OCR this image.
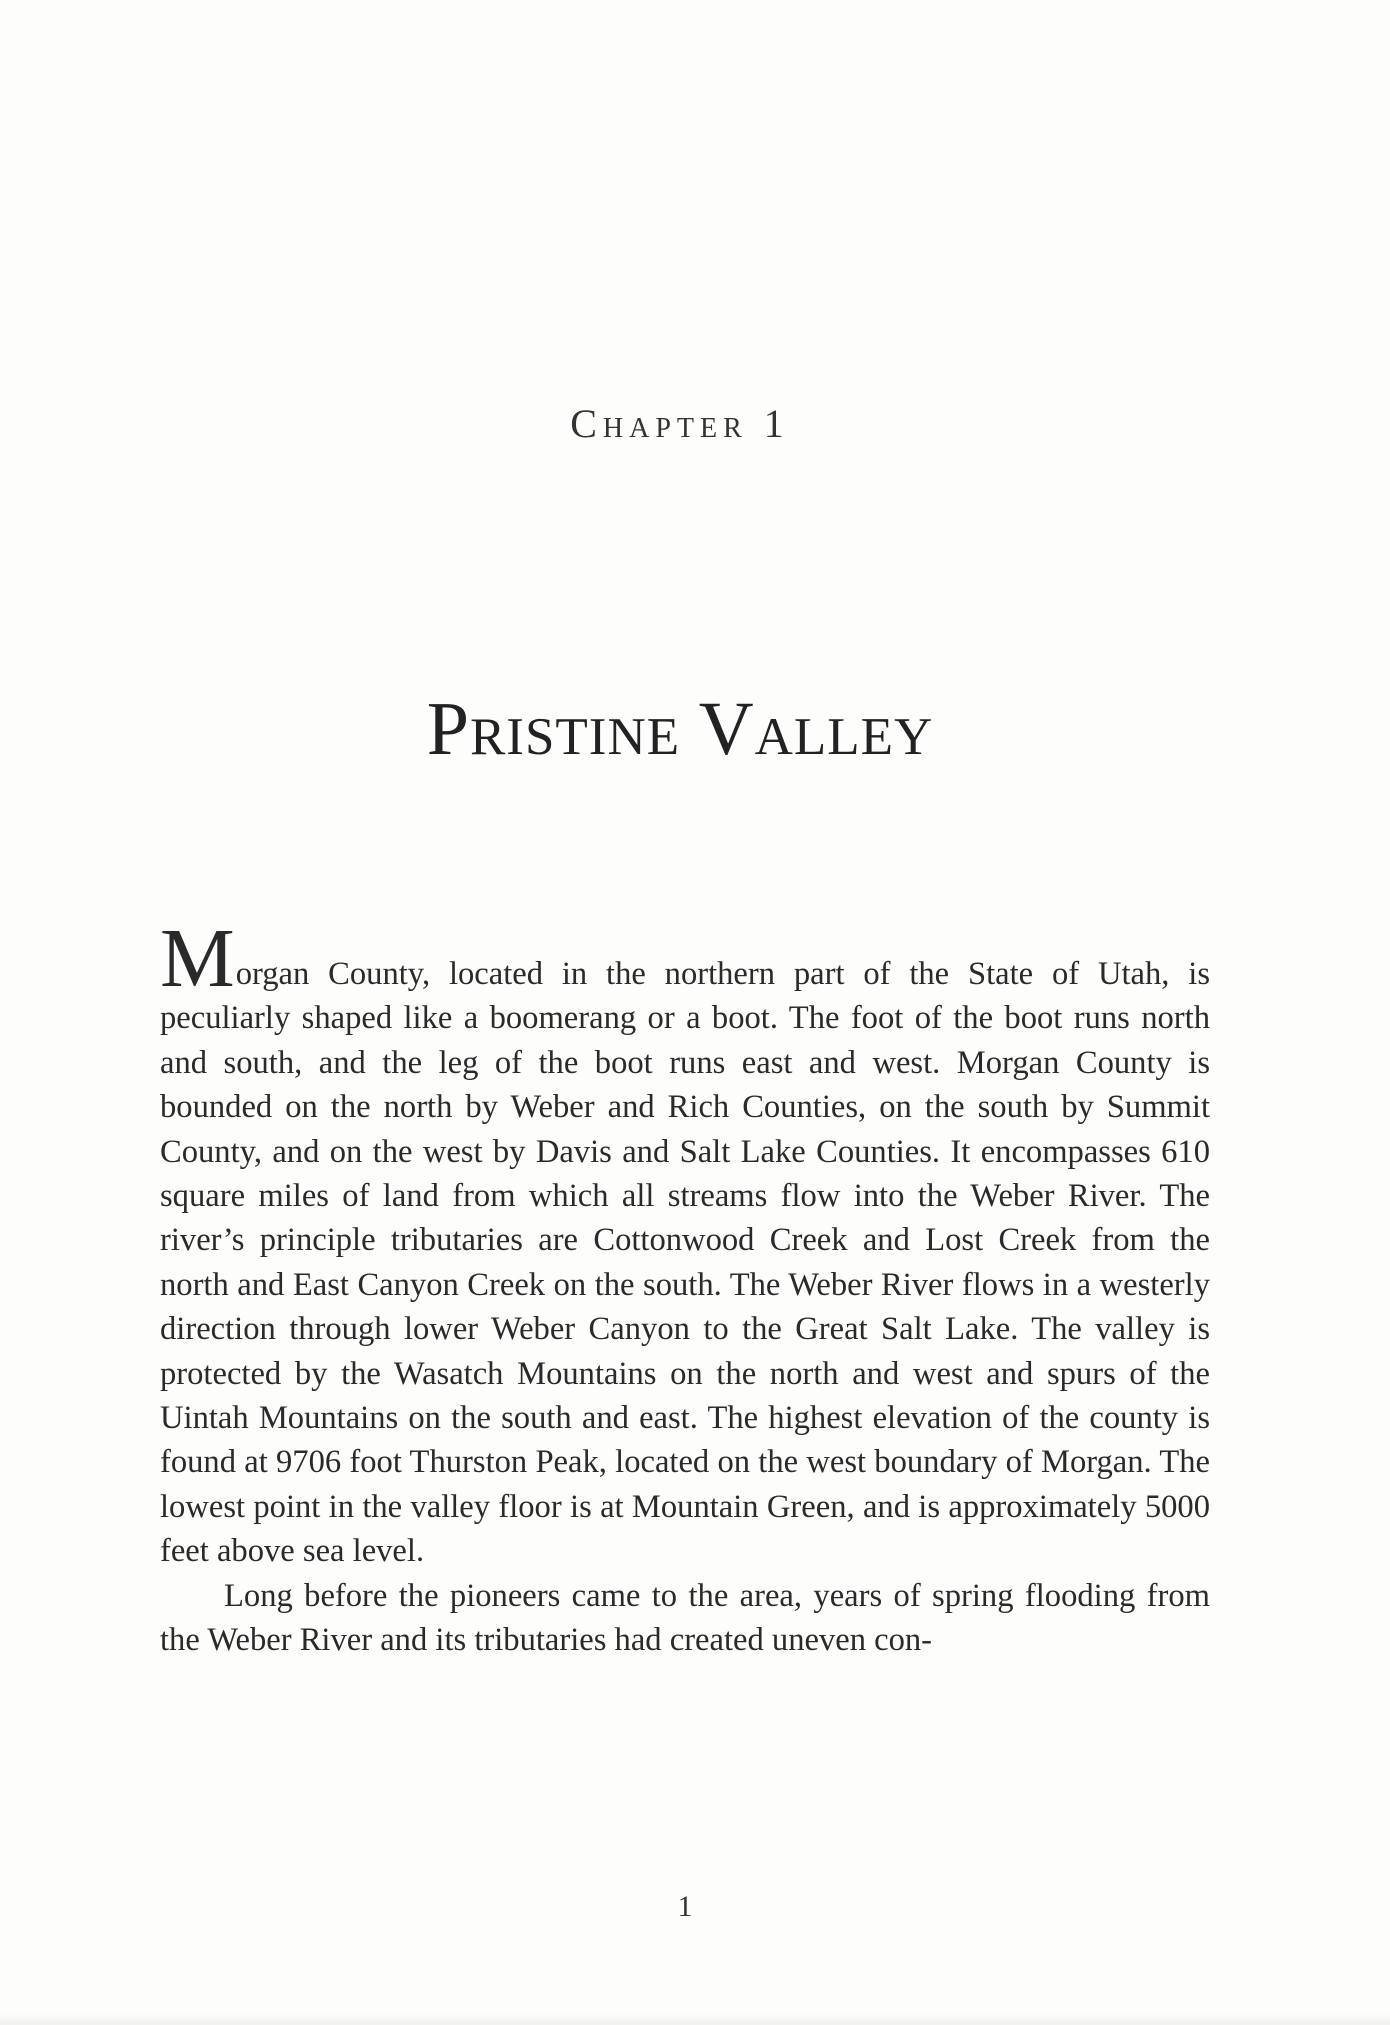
Chapter 1
Pristine Valley

Morgan County, located in the northern part of the State of Utah, is peculiarly shaped like a boomerang or a boot. The foot of the boot runs north and south, and the leg of the boot runs east and west. Morgan County is bounded on the north by Weber and Rich Counties, on the south by Summit County, and on the west by Davis and Salt Lake Counties. It encompasses 610 square miles of land from which all streams flow into the Weber River. The river’s principle tributaries are Cottonwood Creek and Lost Creek from the north and East Canyon Creek on the south. The Weber River flows in a westerly direction through lower Weber Canyon to the Great Salt Lake. The valley is protected by the Wasatch Mountains on the north and west and spurs of the Uintah Mountains on the south and east. The highest elevation of the county is found at 9706 foot Thurston Peak, located on the west boundary of Morgan. The lowest point in the valley floor is at Mountain Green, and is approximately 5000 feet above sea level.

Long before the pioneers came to the area, years of spring flooding from the Weber River and its tributaries had created uneven con-

1
